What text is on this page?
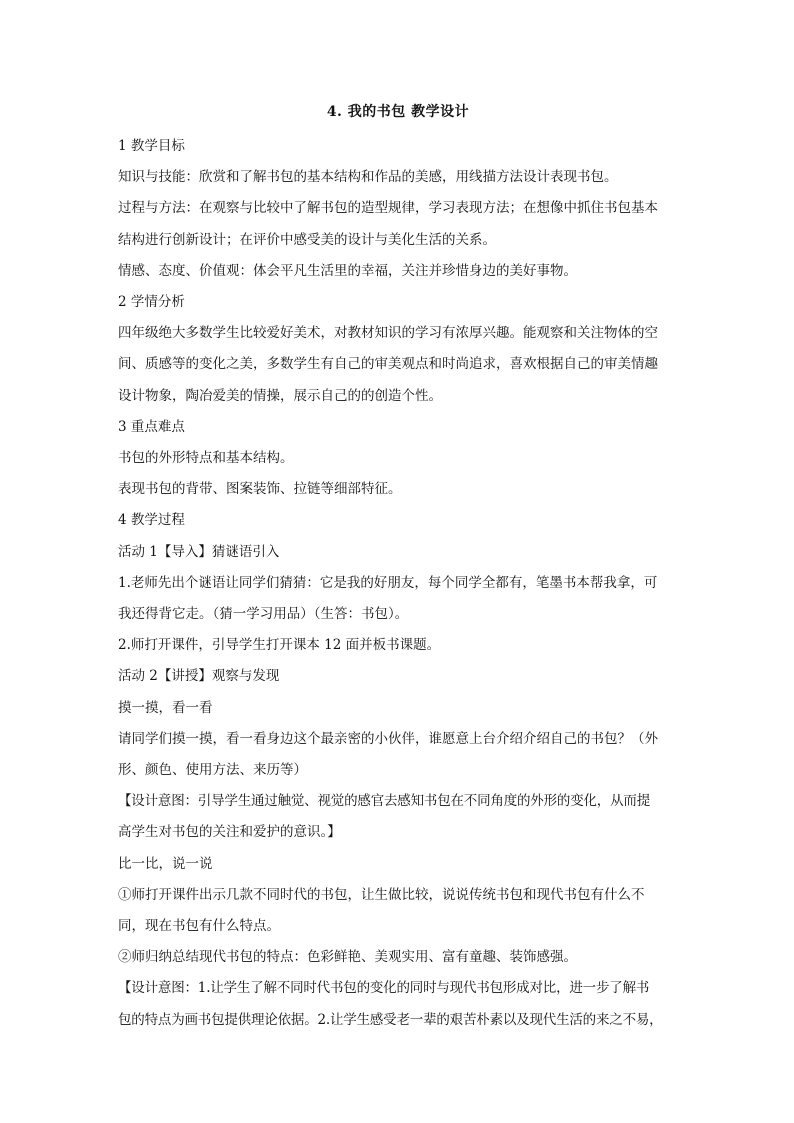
4. 我的书包 教学设计

1 教学目标

知识与技能：欣赏和了解书包的基本结构和作品的美感，用线描方法设计表现书包。

过程与方法：在观察与比较中了解书包的造型规律，学习表现方法；在想像中抓住书包基本

结构进行创新设计；在评价中感受美的设计与美化生活的关系。

情感、态度、价值观：体会平凡生活里的幸福，关注并珍惜身边的美好事物。

2 学情分析

四年级绝大多数学生比较爱好美术，对教材知识的学习有浓厚兴趣。能观察和关注物体的空

间、质感等的变化之美，多数学生有自己的审美观点和时尚追求，喜欢根据自己的审美情趣

设计物象，陶冶爱美的情操，展示自己的的创造个性。

3 重点难点

书包的外形特点和基本结构。

表现书包的背带、图案装饰、拉链等细部特征。

4 教学过程

活动 1【导入】猜谜语引入

1.老师先出个谜语让同学们猜猜：它是我的好朋友，每个同学全都有，笔墨书本帮我拿，可

我还得背它走。（猜一学习用品）（生答：书包）。

2.师打开课件，引导学生打开课本 12 面并板书课题。

活动 2【讲授】观察与发现

摸一摸，看一看

请同学们摸一摸，看一看身边这个最亲密的小伙伴，谁愿意上台介绍介绍自己的书包？（外

形、颜色、使用方法、来历等）

【设计意图：引导学生通过触觉、视觉的感官去感知书包在不同角度的外形的变化，从而提

高学生对书包的关注和爱护的意识。】

比一比，说一说

①师打开课件出示几款不同时代的书包，让生做比较，说说传统书包和现代书包有什么不

同，现在书包有什么特点。

②师归纳总结现代书包的特点：色彩鲜艳、美观实用、富有童趣、装饰感强。

【设计意图：1.让学生了解不同时代书包的变化的同时与现代书包形成对比，进一步了解书

包的特点为画书包提供理论依据。2.让学生感受老一辈的艰苦朴素以及现代生活的来之不易，
